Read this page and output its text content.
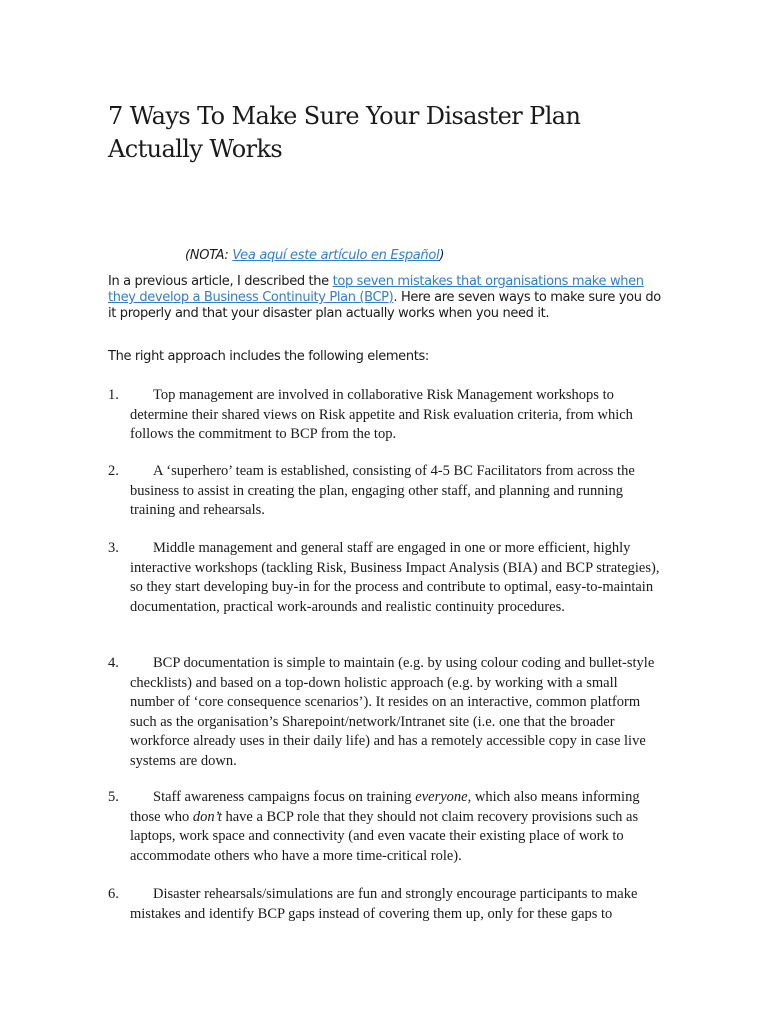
7 Ways To Make Sure Your Disaster Plan Actually Works

(NOTA: Vea aquí este artículo en Español)

In a previous article, I described the top seven mistakes that organisations make when they develop a Business Continuity Plan (BCP). Here are seven ways to make sure you do it properly and that your disaster plan actually works when you need it.

The right approach includes the following elements:

1.	Top management are involved in collaborative Risk Management workshops to determine their shared views on Risk appetite and Risk evaluation criteria, from which follows the commitment to BCP from the top.
2.	A ‘superhero’ team is established, consisting of 4-5 BC Facilitators from across the business to assist in creating the plan, engaging other staff, and planning and running training and rehearsals.
3.	Middle management and general staff are engaged in one or more efficient, highly interactive workshops (tackling Risk, Business Impact Analysis (BIA) and BCP strategies), so they start developing buy-in for the process and contribute to optimal, easy-to-maintain documentation, practical work-arounds and realistic continuity procedures.
4.	BCP documentation is simple to maintain (e.g. by using colour coding and bullet-style checklists) and based on a top-down holistic approach (e.g. by working with a small number of ‘core consequence scenarios’). It resides on an interactive, common platform such as the organisation’s Sharepoint/network/Intranet site (i.e. one that the broader workforce already uses in their daily life) and has a remotely accessible copy in case live systems are down.
5.	Staff awareness campaigns focus on training everyone, which also means informing those who don’t have a BCP role that they should not claim recovery provisions such as laptops, work space and connectivity (and even vacate their existing place of work to accommodate others who have a more time-critical role).
6.	Disaster rehearsals/simulations are fun and strongly encourage participants to make mistakes and identify BCP gaps instead of covering them up, only for these gaps to
